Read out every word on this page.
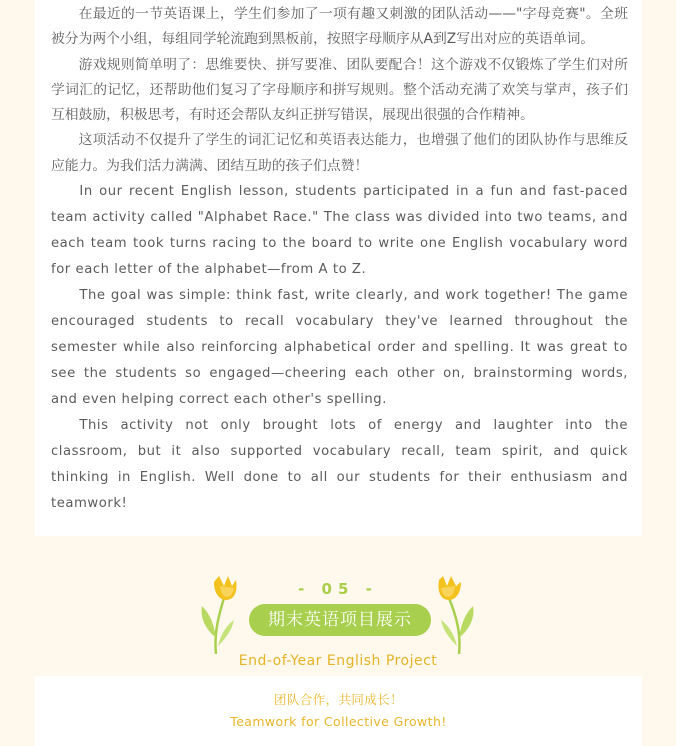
在最近的一节英语课上，学生们参加了一项有趣又刺激的团队活动——"字母竞赛"。全班被分为两个小组，每组同学轮流跑到黑板前，按照字母顺序从A到Z写出对应的英语单词。

游戏规则简单明了：思维要快、拼写要准、团队要配合！这个游戏不仅锻炼了学生们对所学词汇的记忆，还帮助他们复习了字母顺序和拼写规则。整个活动充满了欢笑与掌声，孩子们互相鼓励，积极思考，有时还会帮队友纠正拼写错误，展现出很强的合作精神。

这项活动不仅提升了学生的词汇记忆和英语表达能力，也增强了他们的团队协作与思维反应能力。为我们活力满满、团结互助的孩子们点赞！

In our recent English lesson, students participated in a fun and fast-paced team activity called "Alphabet Race." The class was divided into two teams, and each team took turns racing to the board to write one English vocabulary word for each letter of the alphabet—from A to Z.

The goal was simple: think fast, write clearly, and work together! The game encouraged students to recall vocabulary they've learned throughout the semester while also reinforcing alphabetical order and spelling. It was great to see the students so engaged—cheering each other on, brainstorming words, and even helping correct each other's spelling.

This activity not only brought lots of energy and laughter into the classroom, but it also supported vocabulary recall, team spirit, and quick thinking in English. Well done to all our students for their enthusiasm and teamwork!

- 05 -
期末英语项目展示
End-of-Year English Project

团队合作，共同成长！

Teamwork for Collective Growth!
